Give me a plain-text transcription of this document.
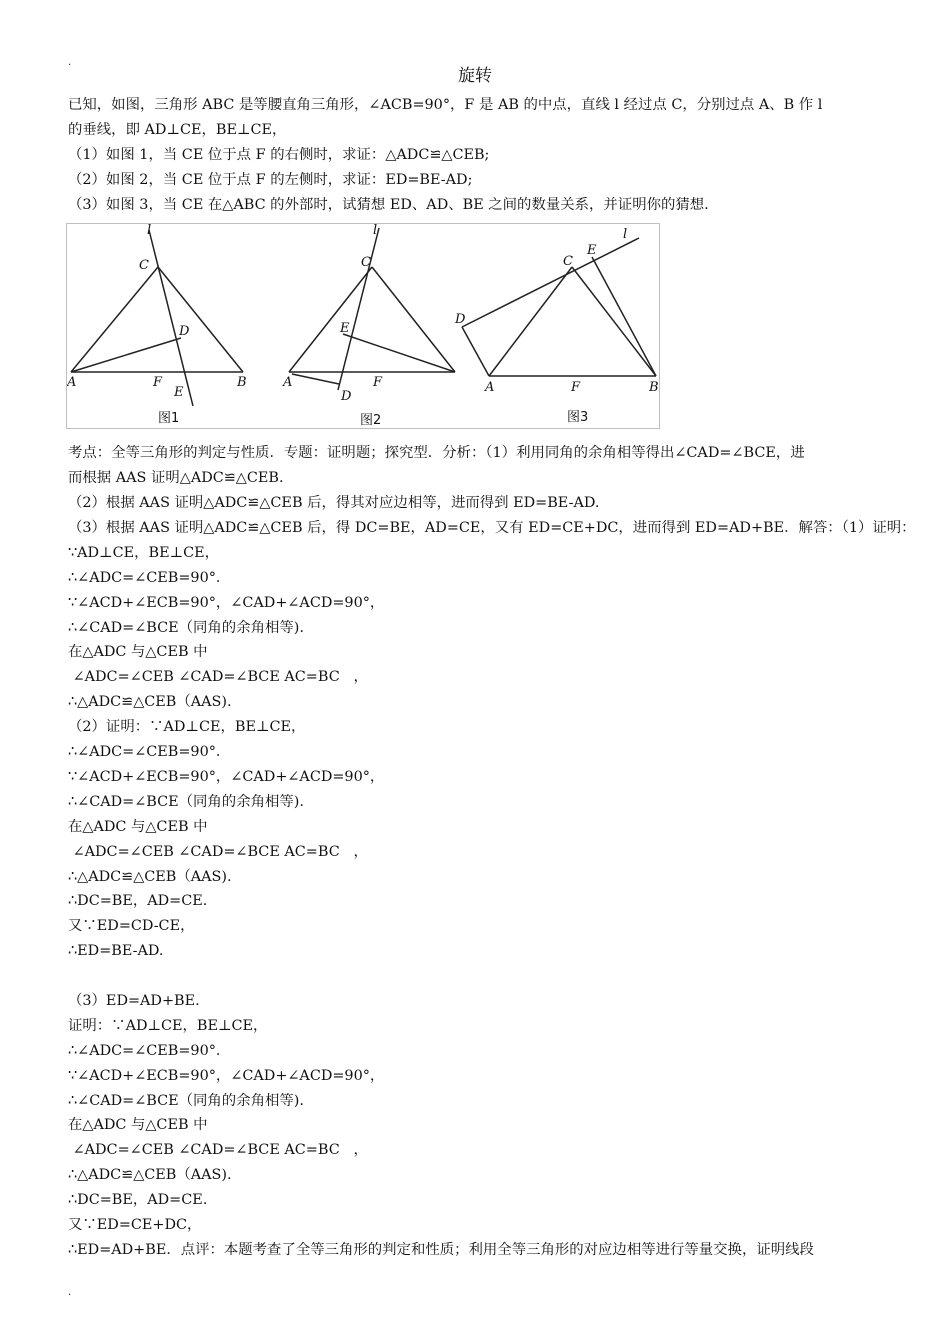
.
旋转
已知，如图，三角形 ABC 是等腰直角三角形，∠ACB=90°，F 是 AB 的中点，直线 l 经过点 C，分别过点 A、B 作 l
的垂线，即 AD⊥CE，BE⊥CE，
（1）如图 1，当 CE 位于点 F 的右侧时，求证：△ADC≌△CEB;
（2）如图 2，当 CE 位于点 F 的左侧时，求证：ED=BE-AD;
（3）如图 3，当 CE 在△ABC 的外部时，试猜想 ED、AD、BE 之间的数量关系，并证明你的猜想.
l
C
D
A	F
E
B
图1
l
C
E
A	F
D
图2
E
l
C
D
A	F	B
图3
考点：全等三角形的判定与性质．专题：证明题；探究型．分析：（1）利用同角的余角相等得出∠CAD=∠BCE，进
而根据 AAS 证明△ADC≌△CEB.
（2）根据 AAS 证明△ADC≌△CEB 后，得其对应边相等，进而得到 ED=BE-AD.
（3）根据 AAS 证明△ADC≌△CEB 后，得 DC=BE，AD=CE，又有 ED=CE+DC，进而得到 ED=AD+BE．解答：（1）证明：
∵AD⊥CE，BE⊥CE，
∴∠ADC=∠CEB=90°．
∵∠ACD+∠ECB=90°，∠CAD+∠ACD=90°，
∴∠CAD=∠BCE（同角的余角相等).
在△ADC 与△CEB 中
∠ADC=∠CEB ∠CAD=∠BCE AC=BC   ，
∴△ADC≌△CEB（AAS).
（2）证明：∵AD⊥CE，BE⊥CE，
∴∠ADC=∠CEB=90°．
∵∠ACD+∠ECB=90°，∠CAD+∠ACD=90°，
∴∠CAD=∠BCE（同角的余角相等).
在△ADC 与△CEB 中
∠ADC=∠CEB ∠CAD=∠BCE AC=BC   ，
∴△ADC≌△CEB（AAS).
∴DC=BE，AD=CE.
又∵ED=CD-CE，
∴ED=BE-AD.
（3）ED=AD+BE.
证明：∵AD⊥CE，BE⊥CE，
∴∠ADC=∠CEB=90°．
∵∠ACD+∠ECB=90°，∠CAD+∠ACD=90°，
∴∠CAD=∠BCE（同角的余角相等).
在△ADC 与△CEB 中
∠ADC=∠CEB ∠CAD=∠BCE AC=BC   ，
∴△ADC≌△CEB（AAS).
∴DC=BE，AD=CE.
又∵ED=CE+DC，
∴ED=AD+BE．点评：本题考查了全等三角形的判定和性质；利用全等三角形的对应边相等进行等量交换，证明线段
.
